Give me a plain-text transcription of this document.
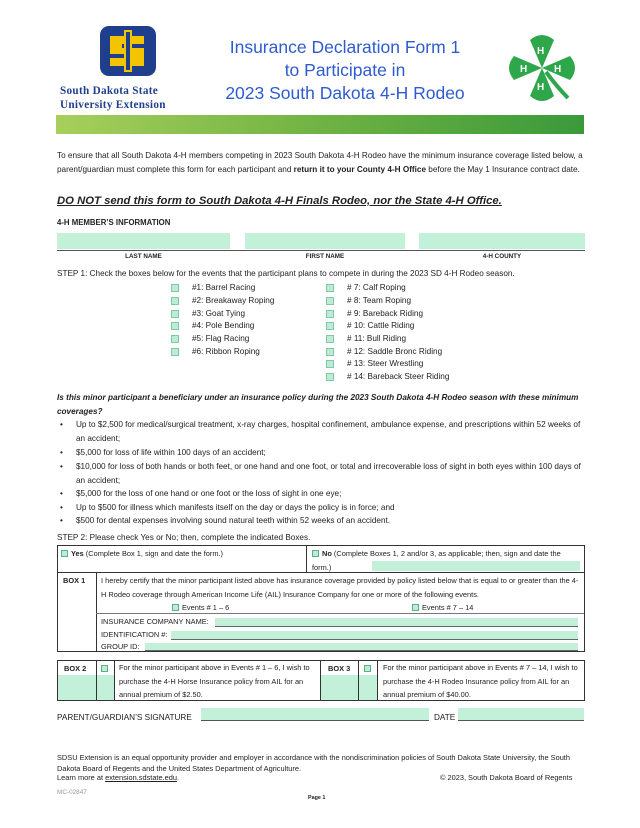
South Dakota State
University Extension
Insurance Declaration Form 1
to Participate in
2023 South Dakota 4-H Rodeo
H
H
H
H
To ensure that all South Dakota 4-H members competing in 2023 South Dakota 4-H Rodeo have the minimum insurance coverage listed below, a parent/guardian must complete this form for each participant and return it to your County 4-H Office before the May 1 Insurance contract date.
DO NOT send this form to South Dakota 4-H Finals Rodeo, nor the State 4-H Office.
4-H MEMBER’S INFORMATION
LAST NAME	FIRST NAME	4-H COUNTY
STEP 1: Check the boxes below for the events that the participant plans to compete in during the 2023 SD 4-H Rodeo season.
#1: Barrel Racing
#2: Breakaway Roping
#3: Goat Tying
#4: Pole Bending
#5: Flag Racing
#6: Ribbon Roping
# 7: Calf Roping
# 8: Team Roping
# 9: Bareback Riding
# 10: Cattle Riding
# 11: Bull Riding
# 12: Saddle Bronc Riding
# 13: Steer Wrestling
# 14: Bareback Steer Riding
Is this minor participant a beneficiary under an insurance policy during the 2023 South Dakota 4-H Rodeo season with these minimum coverages?
•	Up to $2,500 for medical/surgical treatment, x-ray charges, hospital confinement, ambulance expense, and prescriptions within 52 weeks of an accident;
•	$5,000 for loss of life within 100 days of an accident;
•	$10,000 for loss of both hands or both feet, or one hand and one foot, or total and irrecoverable loss of sight in both eyes within 100 days of an accident;
•	$5,000 for the loss of one hand or one foot or the loss of sight in one eye;
•	Up to $500 for illness which manifests itself on the day or days the policy is in force; and
•	$500 for dental expenses involving sound natural teeth within 52 weeks of an accident.
STEP 2: Please check Yes or No; then, complete the indicated Boxes.
Yes (Complete Box 1, sign and date the form.)	No (Complete Boxes 1, 2 and/or 3, as applicable; then, sign and date the form.)
BOX 1 I hereby certify that the minor participant listed above has insurance coverage provided by policy listed below that is equal to or greater than the 4-H Rodeo coverage through American Income Life (AIL) Insurance Company for one or more of the following events.
Events # 1 – 6	Events # 7 – 14
INSURANCE COMPANY NAME:
IDENTIFICATION #:
GROUP ID:
BOX 2	For the minor participant above in Events # 1 – 6, I wish to purchase the 4-H Horse Insurance policy from AIL for an annual premium of $2.50.
BOX 3	For the minor participant above in Events # 7 – 14, I wish to purchase the 4-H Rodeo Insurance policy from AIL for an annual premium of $40.00.
PARENT/GUARDIAN’S SIGNATURE	DATE
SDSU Extension is an equal opportunity provider and employer in accordance with the nondiscrimination policies of South Dakota State University, the South Dakota Board of Regents and the United States Department of Agriculture.
Learn more at extension.sdstate.edu.	© 2023, South Dakota Board of Regents
MC-02847
Page 1
